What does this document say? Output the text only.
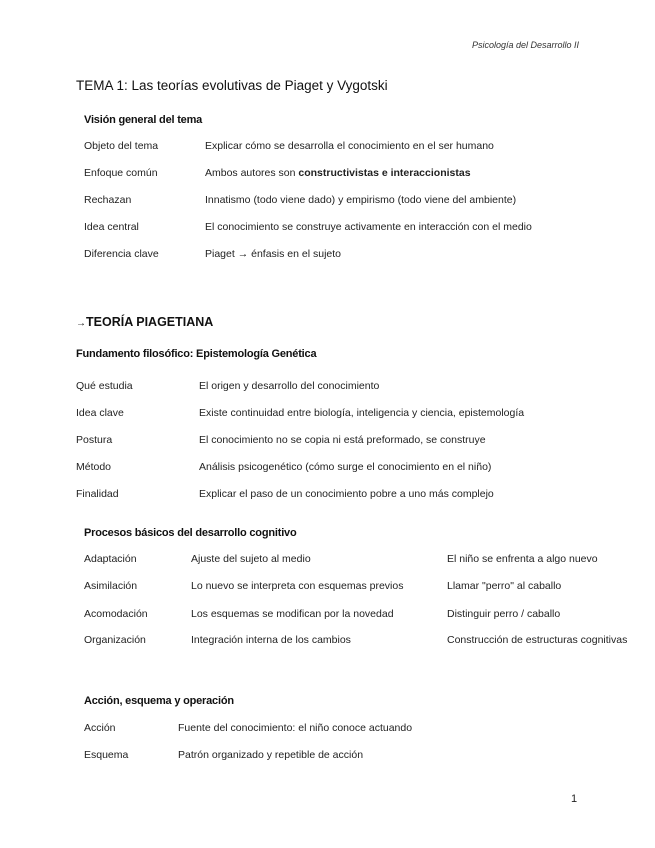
Psicología del Desarrollo II
TEMA 1: Las teorías evolutivas de Piaget y Vygotski
Visión general del tema
Objeto del tema	Explicar cómo se desarrolla el conocimiento en el ser humano
Enfoque común	Ambos autores son constructivistas e interaccionistas
Rechazan	Innatismo (todo viene dado) y empirismo (todo viene del ambiente)
Idea central	El conocimiento se construye activamente en interacción con el medio
Diferencia clave	Piaget → énfasis en el sujeto
→TEORÍA PIAGETIANA
Fundamento filosófico: Epistemología Genética
Qué estudia	El origen y desarrollo del conocimiento
Idea clave	Existe continuidad entre biología, inteligencia y ciencia, epistemología
Postura	El conocimiento no se copia ni está preformado, se construye
Método	Análisis psicogenético (cómo surge el conocimiento en el niño)
Finalidad	Explicar el paso de un conocimiento pobre a uno más complejo
Procesos básicos del desarrollo cognitivo
Adaptación	Ajuste del sujeto al medio	El niño se enfrenta a algo nuevo
Asimilación	Lo nuevo se interpreta con esquemas previos	Llamar "perro" al caballo
Acomodación	Los esquemas se modifican por la novedad	Distinguir perro / caballo
Organización	Integración interna de los cambios	Construcción de estructuras cognitivas
Acción, esquema y operación
Acción	Fuente del conocimiento: el niño conoce actuando
Esquema	Patrón organizado y repetible de acción
1
